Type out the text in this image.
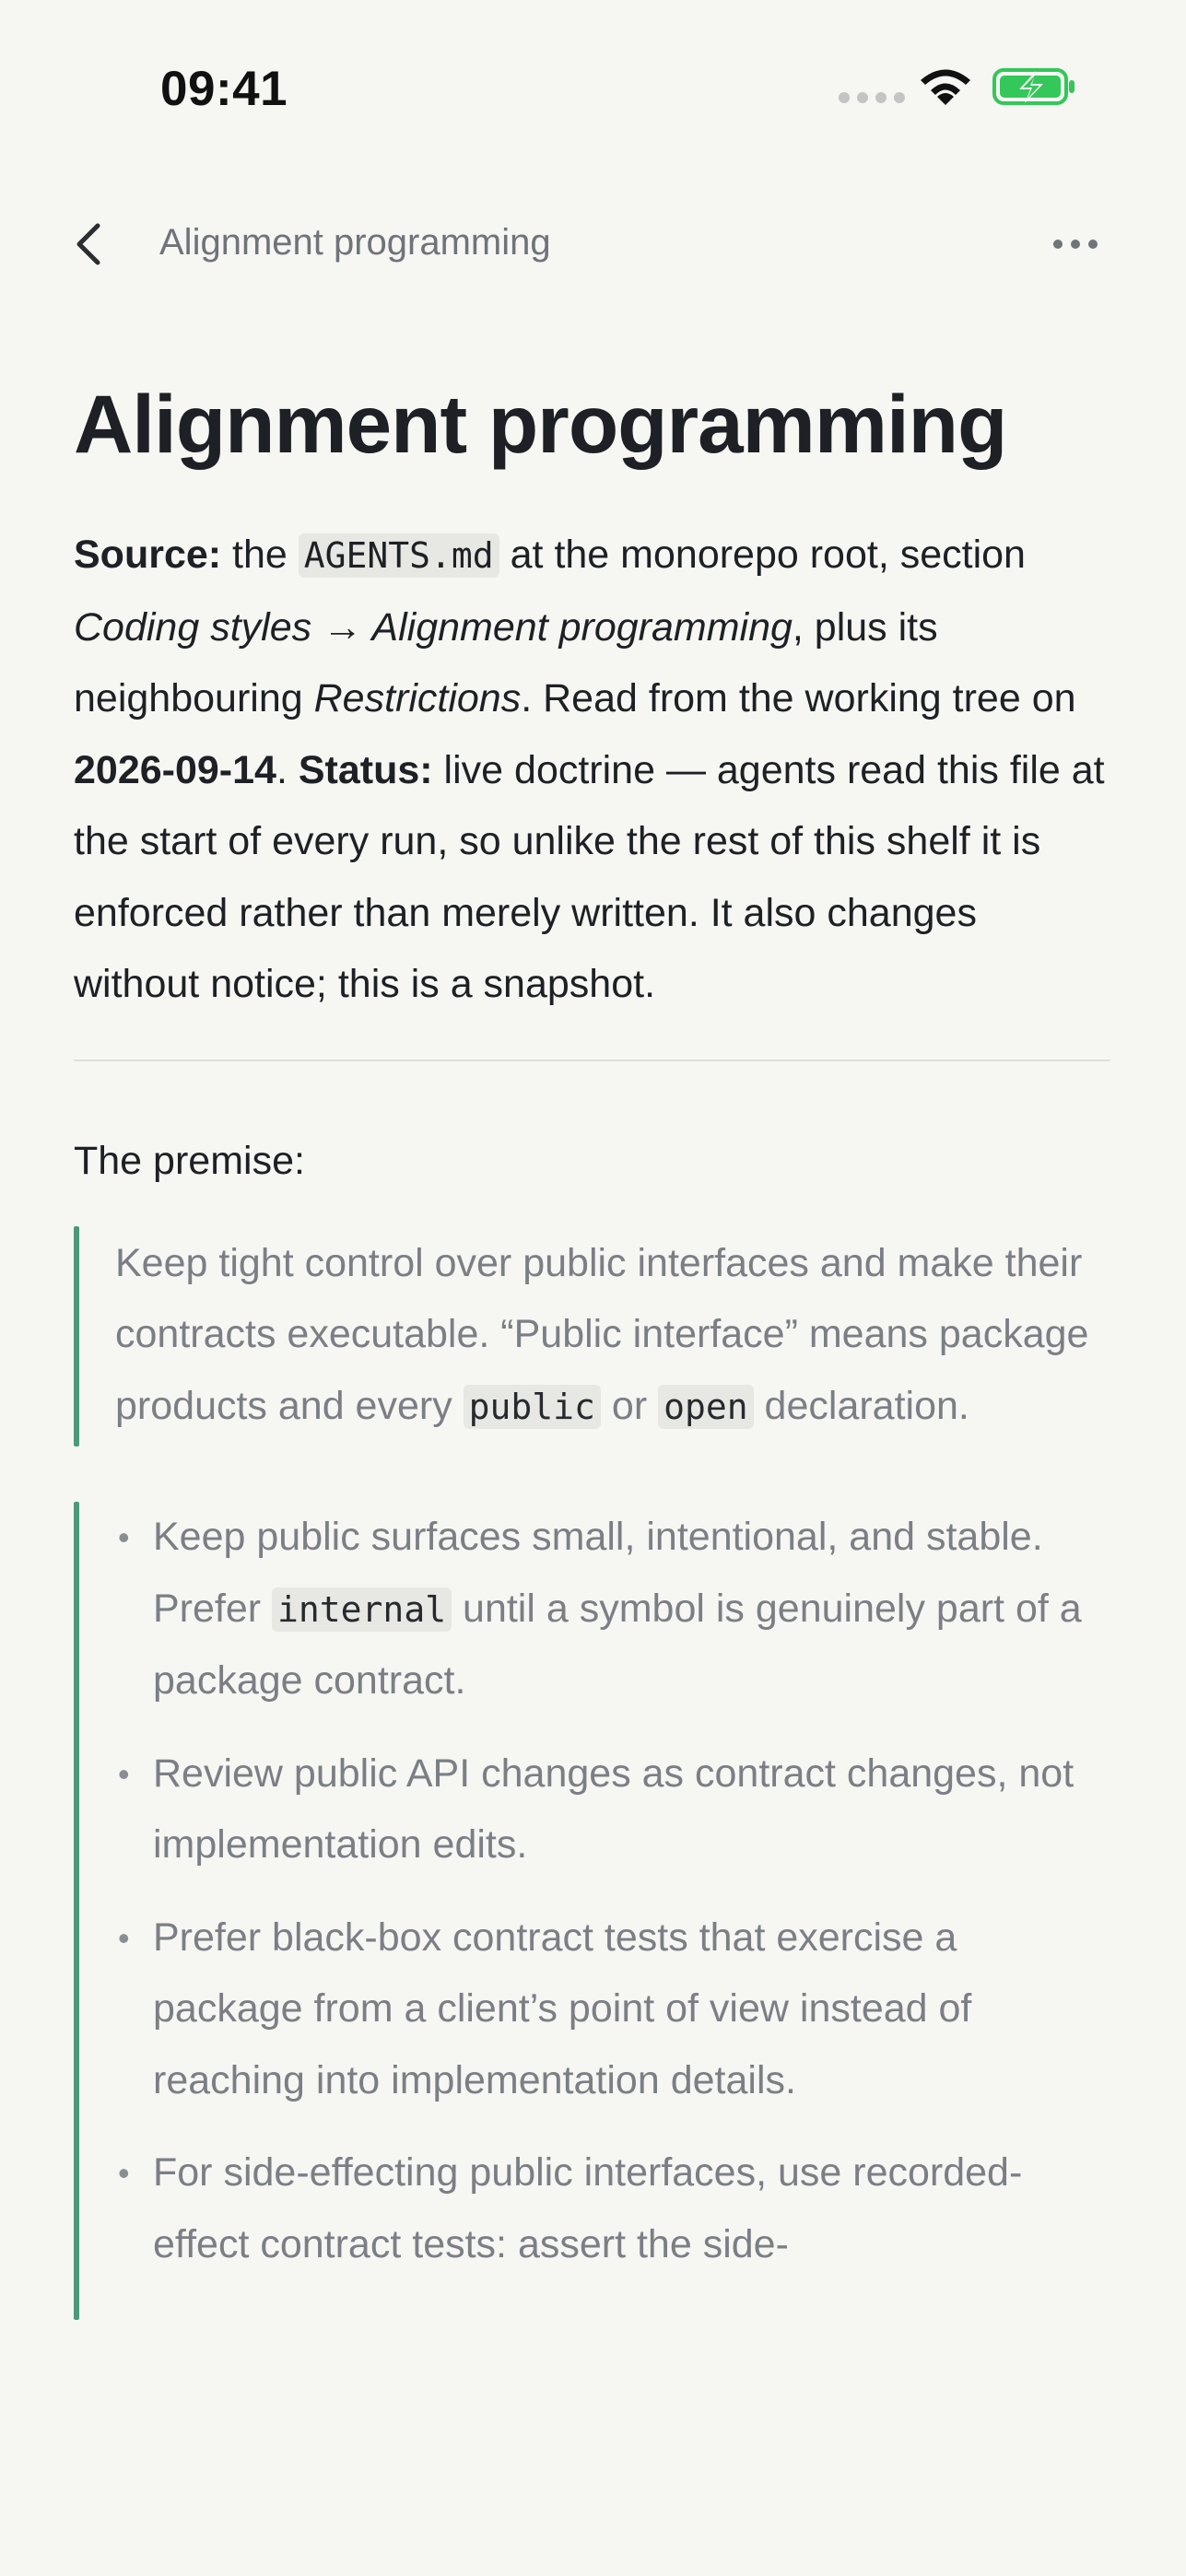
09:41
Alignment programming
Alignment programming

Source: the AGENTS.md at the monorepo root, section Coding styles → Alignment programming, plus its neighbouring Restrictions. Read from the working tree on 2026-09-14. Status: live doctrine — agents read this file at the start of every run, so unlike the rest of this shelf it is enforced rather than merely written. It also changes without notice; this is a snapshot.

The premise:

Keep tight control over public interfaces and make their contracts executable. “Public interface” means package products and every public or open declaration.
• Keep public surfaces small, intentional, and stable. Prefer internal until a symbol is genuinely part of a package contract.
• Review public API changes as contract changes, not implementation edits.
• Prefer black-box contract tests that exercise a package from a client’s point of view instead of reaching into implementation details.
• For side-effecting public interfaces, use recorded-effect contract tests: assert the side-
